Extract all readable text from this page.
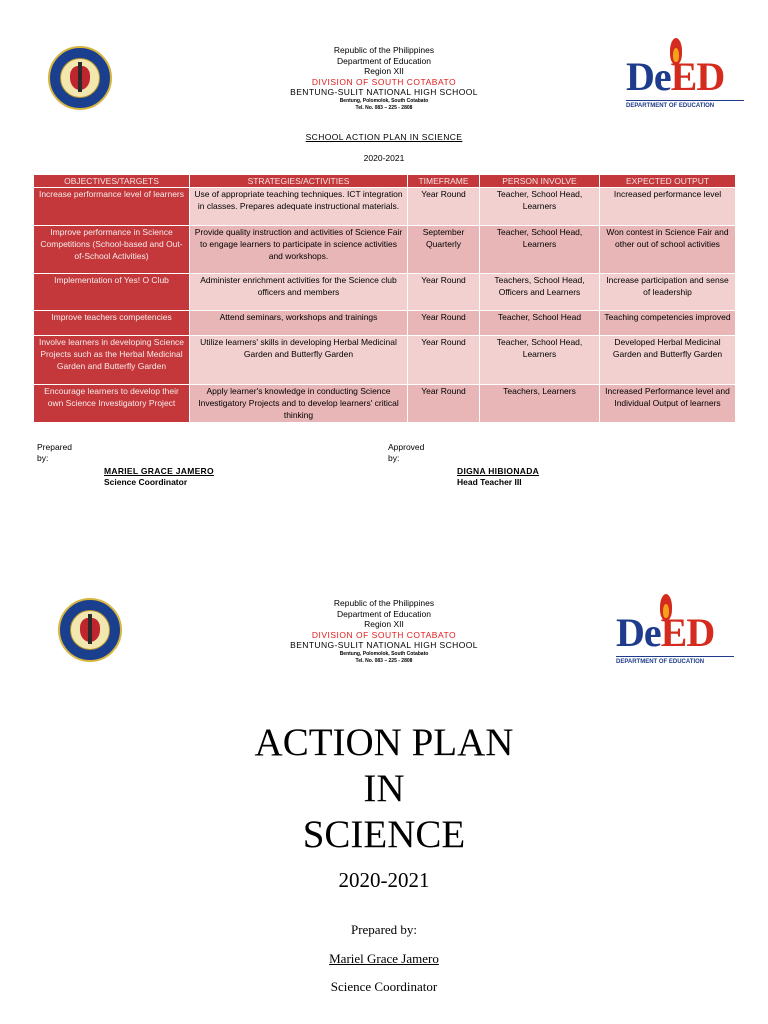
Republic of the Philippines
Department of Education
Region XII
DIVISION OF SOUTH COTABATO
BENTUNG-SULIT NATIONAL HIGH SCHOOL
Bentung, Polomolok, South Cotabato
Tel. No. 083 – 225 - 2808
DeED
DEPARTMENT OF EDUCATION
SCHOOL ACTION PLAN IN SCIENCE
2020-2021
OBJECTIVES/TARGETS	STRATEGIES/ACTIVITIES	TIMEFRAME	PERSON INVOLVE	EXPECTED OUTPUT
Increase performance level of learners	Use of appropriate teaching techniques. ICT integration in classes. Prepares adequate instructional materials.	Year Round	Teacher, School Head, Learners	Increased performance level
Improve performance in Science Competitions (School-based and Out-of-School Activities)	Provide quality instruction and activities of Science Fair to engage learners to participate in science activities and workshops.	September Quarterly	Teacher, School Head, Learners	Won contest in Science Fair and other out of school activities
Implementation of Yes! O Club	Administer enrichment activities for the Science club officers and members	Year Round	Teachers, School Head, Officers and Learners	Increase participation and sense of leadership
Improve teachers competencies	Attend seminars, workshops and trainings	Year Round	Teacher, School Head	Teaching competencies improved
Involve learners in developing Science Projects such as the Herbal Medicinal Garden and Butterfly Garden	Utilize learners' skills in developing Herbal Medicinal Garden and Butterfly Garden	Year Round	Teacher, School Head, Learners	Developed Herbal Medicinal Garden and Butterfly Garden
Encourage learners to develop their own Science Investigatory Project	Apply learner's knowledge in conducting Science Investigatory Projects and to develop learners' critical thinking	Year Round	Teachers, Learners	Increased Performance level and Individual Output of learners
Prepared
by:
MARIEL GRACE JAMERO
Science Coordinator
Approved
by:
DIGNA HIBIONADA
Head Teacher III
Republic of the Philippines
Department of Education
Region XII
DIVISION OF SOUTH COTABATO
BENTUNG-SULIT NATIONAL HIGH SCHOOL
Bentung, Polomolok, South Cotabato
Tel. No. 083 – 225 - 2808
DeED
DEPARTMENT OF EDUCATION
ACTION PLAN
IN
SCIENCE
2020-2021
Prepared by:
Mariel Grace Jamero
Science Coordinator
